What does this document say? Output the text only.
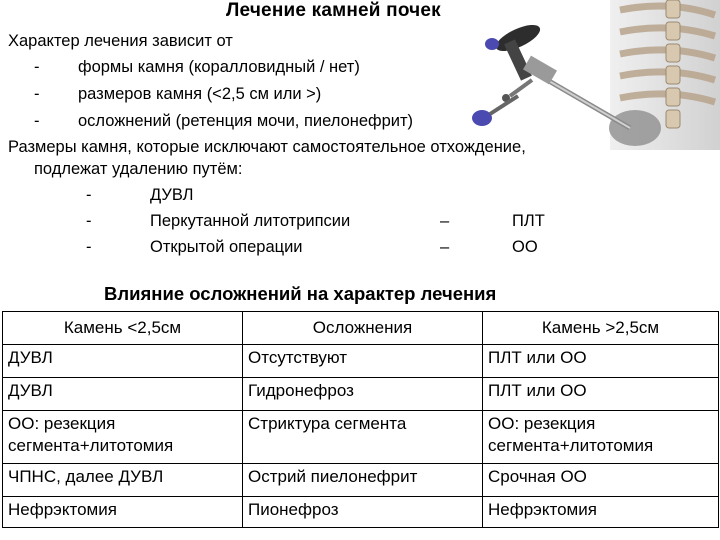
Лечение камней почек
Характер лечения зависит от
- формы камня (коралловидный / нет)
- размеров камня (<2,5 см или >)
- осложнений (ретенция мочи, пиелонефрит)
Размеры камня, которые исключают самостоятельное отхождение,
подлежат удалению путём:
-	ДУВЛ
-	Перкутанной литотрипсии	–	ПЛТ
-	Открытой операции	–	ОО
Влияние осложнений на характер лечения
Камень <2,5см	Осложнения	Камень >2,5см
ДУВЛ	Отсутствуют	ПЛТ или ОО
ДУВЛ	Гидронефроз	ПЛТ или ОО
ОО: резекция сегмента+литотомия	Стриктура сегмента	ОО: резекция сегмента+литотомия
ЧПНС, далее ДУВЛ	Острий пиелонефрит	Срочная ОО
Нефрэктомия	Пионефроз	Нефрэктомия
